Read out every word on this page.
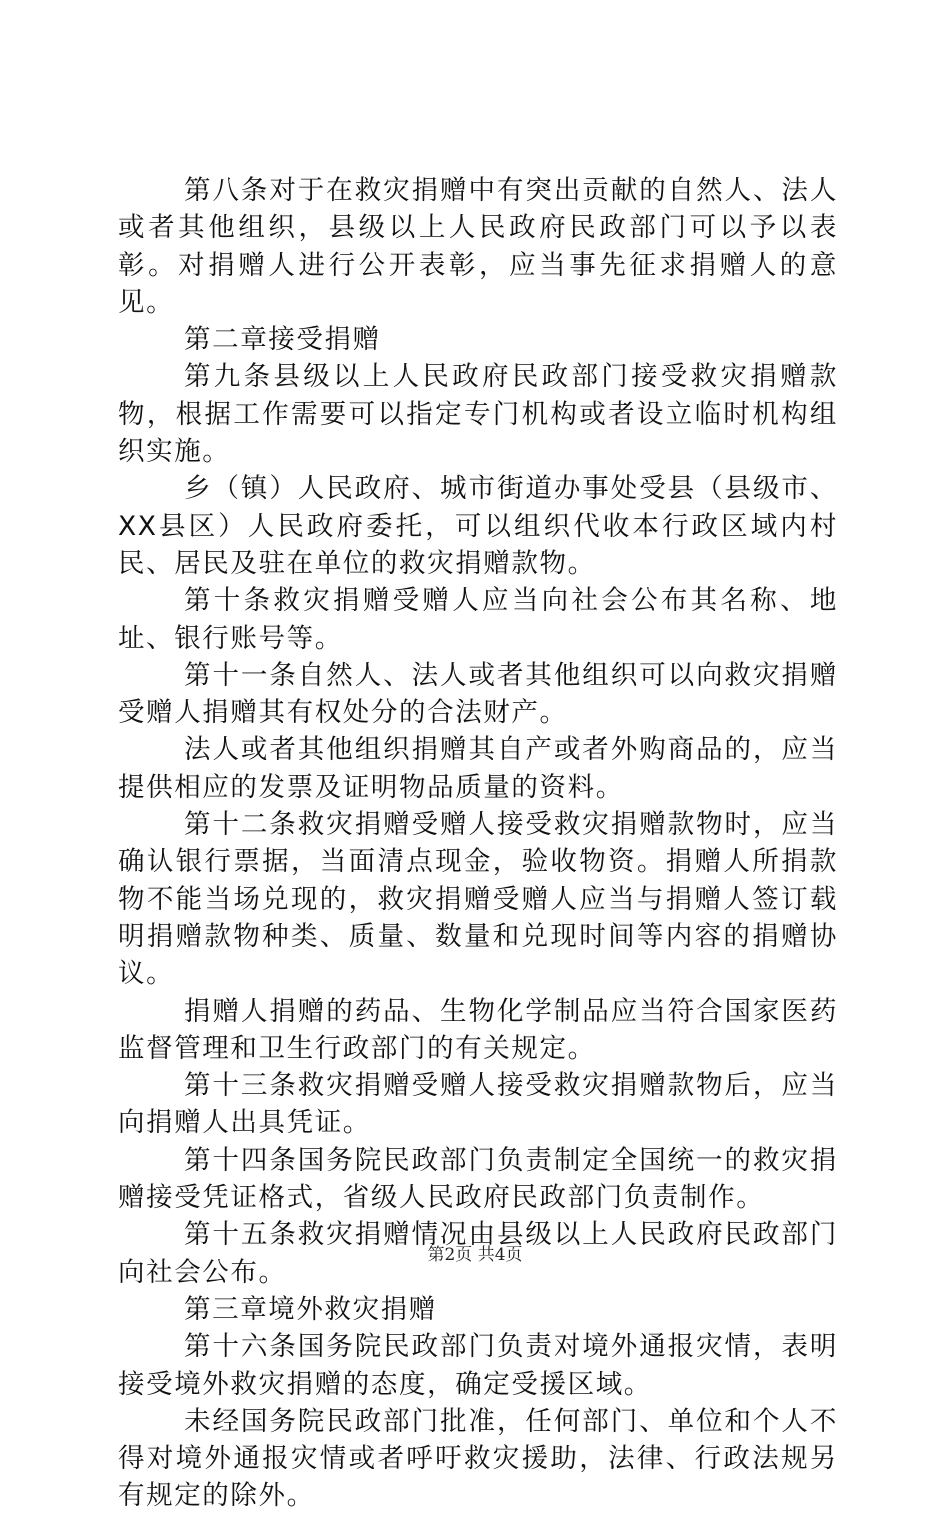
第八条对于在救灾捐赠中有突出贡献的自然人、法人或者其他组织，县级以上人民政府民政部门可以予以表彰。对捐赠人进行公开表彰，应当事先征求捐赠人的意见。

第二章接受捐赠

第九条县级以上人民政府民政部门接受救灾捐赠款物，根据工作需要可以指定专门机构或者设立临时机构组织实施。

乡（镇）人民政府、城市街道办事处受县（县级市、XX县区）人民政府委托，可以组织代收本行政区域内村民、居民及驻在单位的救灾捐赠款物。

第十条救灾捐赠受赠人应当向社会公布其名称、地址、银行账号等。

第十一条自然人、法人或者其他组织可以向救灾捐赠受赠人捐赠其有权处分的合法财产。

法人或者其他组织捐赠其自产或者外购商品的，应当提供相应的发票及证明物品质量的资料。

第十二条救灾捐赠受赠人接受救灾捐赠款物时，应当确认银行票据，当面清点现金，验收物资。捐赠人所捐款物不能当场兑现的，救灾捐赠受赠人应当与捐赠人签订载明捐赠款物种类、质量、数量和兑现时间等内容的捐赠协议。

捐赠人捐赠的药品、生物化学制品应当符合国家医药监督管理和卫生行政部门的有关规定。

第十三条救灾捐赠受赠人接受救灾捐赠款物后，应当向捐赠人出具凭证。

第十四条国务院民政部门负责制定全国统一的救灾捐赠接受凭证格式，省级人民政府民政部门负责制作。

第十五条救灾捐赠情况由县级以上人民政府民政部门向社会公布。

第三章境外救灾捐赠

第十六条国务院民政部门负责对境外通报灾情，表明接受境外救灾捐赠的态度，确定受援区域。

未经国务院民政部门批准，任何部门、单位和个人不得对境外通报灾情或者呼吁救灾援助，法律、行政法规另有规定的除外。

第2页 共4页
